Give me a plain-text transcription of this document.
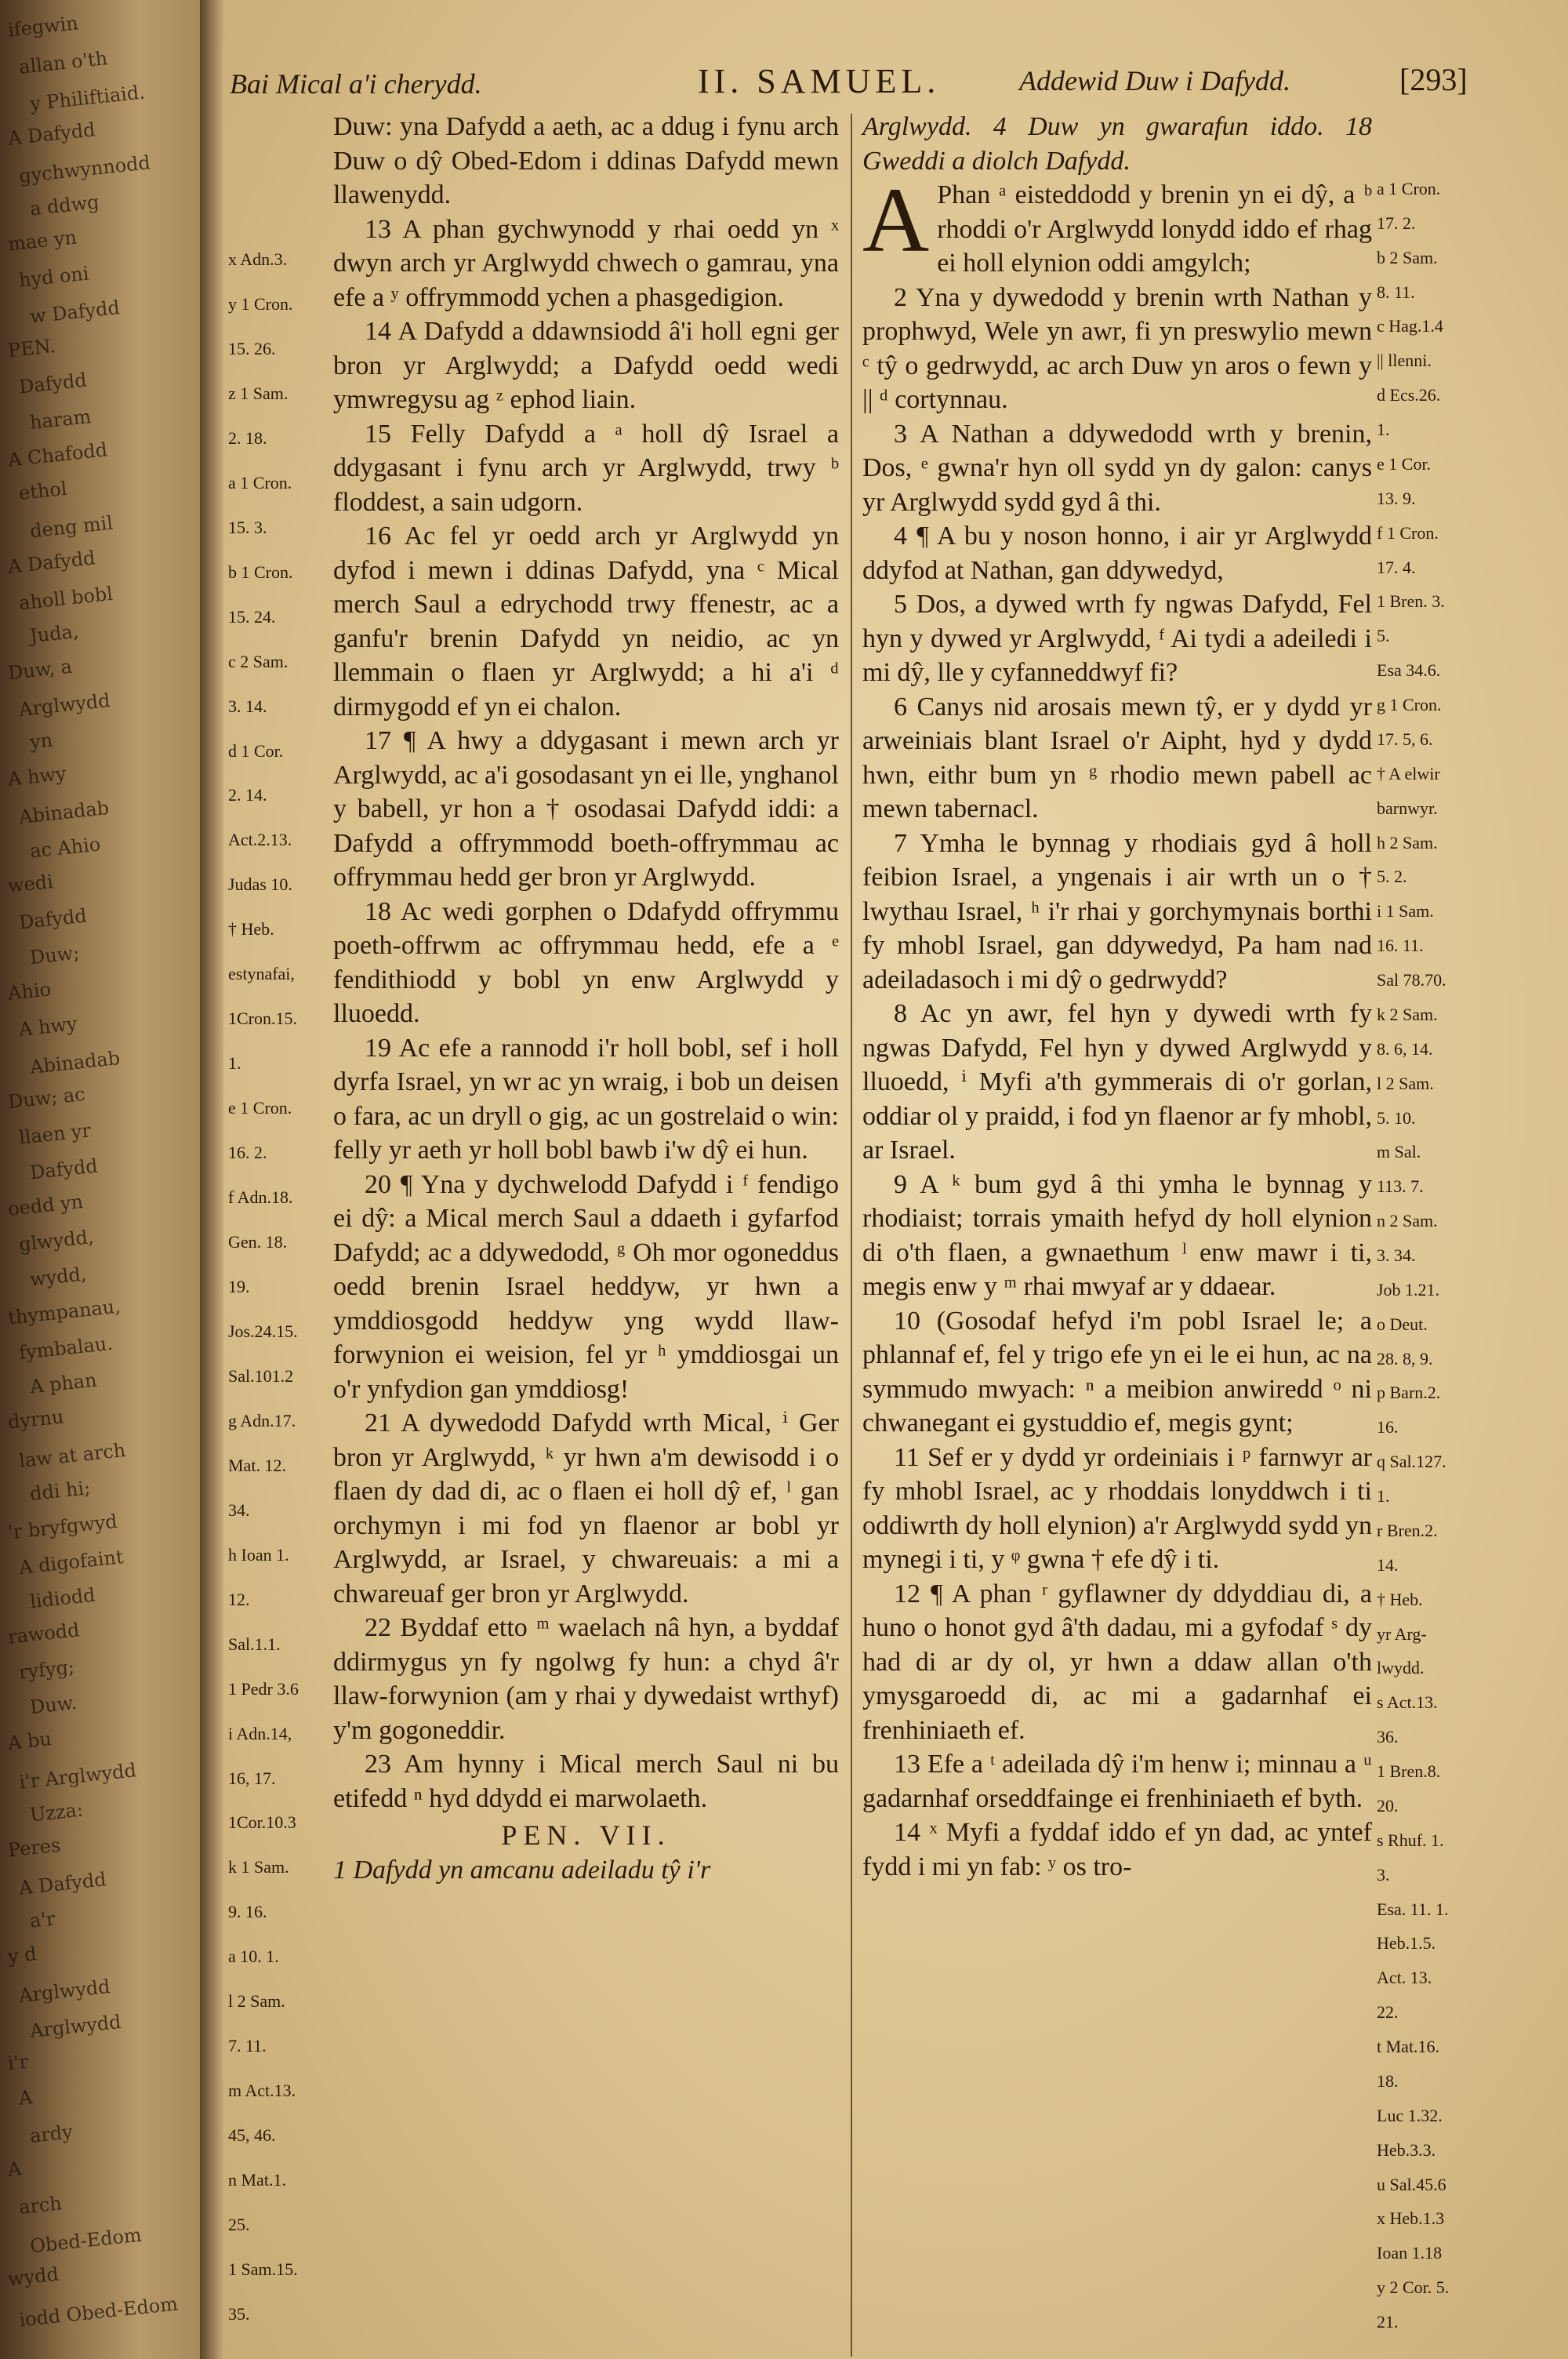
ifegwin
allan o'th
y Philiftiaid.
A Dafydd
gychwynnodd
a ddwg
mae yn
hyd oni
w Dafydd
PEN.
Dafydd
haram
A Chafodd
ethol
deng mil
A Dafydd
aholl bobl
Juda,
Duw, a
Arglwydd
yn
A hwy
Abinadab
ac Ahio
wedi
Dafydd
Duw;
Ahio
A hwy
Abinadab
Duw; ac
llaen yr
Dafydd
oedd yn
glwydd,
wydd,
thympanau,
fymbalau.
A phan
dyrnu
law at arch
ddi hi;
'r bryfgwyd
A digofaint
lidiodd
rawodd
ryfyg;
Duw.
A bu
i'r Arglwydd
Uzza:
Peres
A Dafydd
a'r
y d
Arglwydd
Arglwydd
i'r
A
ardy
A
arch
Obed-Edom
wydd
iodd Obed-Edom
Bai Mical a'i cherydd.	II. SAMUEL.	Addewid Duw i Dafydd.	[293]
x Adn.3.
y 1 Cron.
15. 26.
z 1 Sam.
2. 18.
a 1 Cron.
15. 3.
b 1 Cron.
15. 24.
c 2 Sam.
3. 14.
d 1 Cor.
2. 14.
Act.2.13.
Judas 10.
† Heb.
estynafai,
1Cron.15.
1.
e 1 Cron.
16. 2.
f Adn.18.
Gen. 18.
19.
Jos.24.15.
Sal.101.2
g Adn.17.
Mat. 12.
34.
h Ioan 1.
12.
Sal.1.1.
1 Pedr 3.6
i Adn.14,
16, 17.
1Cor.10.3
k 1 Sam.
9. 16.
a 10. 1.
l 2 Sam.
7. 11.
m Act.13.
45, 46.
n Mat.1.
25.
1 Sam.15.
35.
a 1 Cron.
17. 2.
b 2 Sam.
8. 11.
c Hag.1.4
|| llenni.
d Ecs.26.
1.
e 1 Cor.
13. 9.
f 1 Cron.
17. 4.
1 Bren. 3.
5.
Esa 34.6.
g 1 Cron.
17. 5, 6.
† A elwir
barnwyr.
h 2 Sam.
5. 2.
i 1 Sam.
16. 11.
Sal 78.70.
k 2 Sam.
8. 6, 14.
l 2 Sam.
5. 10.
m Sal.
113. 7.
n 2 Sam.
3. 34.
Job 1.21.
o Deut.
28. 8, 9.
p Barn.2.
16.
q Sal.127.
1.
r Bren.2.
14.
† Heb.
yr Arg-
lwydd.
s Act.13.
36.
1 Bren.8.
20.
s Rhuf. 1.
3.
Esa. 11. 1.
Heb.1.5.
Act. 13.
22.
t Mat.16.
18.
Luc 1.32.
Heb.3.3.
u Sal.45.6
x Heb.1.3
Ioan 1.18
y 2 Cor. 5.
21.

Duw: yna Dafydd a aeth, ac a ddug i fynu arch Duw o dŷ Obed-Edom i ddinas Dafydd mewn llawenydd.

13 A phan gychwynodd y rhai oedd yn ˣ dwyn arch yr Arglwydd chwech o gamrau, yna efe a ʸ offrymmodd ychen a phasgedigion.

14 A Dafydd a ddawnsiodd â'i holl egni ger bron yr Arglwydd; a Dafydd oedd wedi ymwregysu ag ᶻ ephod liain.

15 Felly Dafydd a ᵃ holl dŷ Israel a ddygasant i fynu arch yr Arglwydd, trwy ᵇ floddest, a sain udgorn.

16 Ac fel yr oedd arch yr Arglwydd yn dyfod i mewn i ddinas Dafydd, yna ᶜ Mical merch Saul a edrychodd trwy ffenestr, ac a ganfu'r brenin Dafydd yn neidio, ac yn llemmain o flaen yr Arglwydd; a hi a'i ᵈ dirmygodd ef yn ei chalon.

17 ¶ A hwy a ddygasant i mewn arch yr Arglwydd, ac a'i gosodasant yn ei lle, ynghanol y babell, yr hon a † osodasai Dafydd iddi: a Dafydd a offrymmodd boeth-offrymmau ac offrymmau hedd ger bron yr Arglwydd.

18 Ac wedi gorphen o Ddafydd offrymmu poeth-offrwm ac offrymmau hedd, efe a ᵉ fendithiodd y bobl yn enw Arglwydd y lluoedd.

19 Ac efe a rannodd i'r holl bobl, sef i holl dyrfa Israel, yn wr ac yn wraig, i bob un deisen o fara, ac un dryll o gig, ac un gostrelaid o win: felly yr aeth yr holl bobl bawb i'w dŷ ei hun.

20 ¶ Yna y dychwelodd Dafydd i ᶠ fendigo ei dŷ: a Mical merch Saul a ddaeth i gyfarfod Dafydd; ac a ddywedodd, ᵍ Oh mor ogoneddus oedd brenin Israel heddyw, yr hwn a ymddiosgodd heddyw yng wydd llaw-forwynion ei weision, fel yr ʰ ymddiosgai un o'r ynfydion gan ymddiosg!

21 A dywedodd Dafydd wrth Mical, ⁱ Ger bron yr Arglwydd, ᵏ yr hwn a'm dewisodd i o flaen dy dad di, ac o flaen ei holl dŷ ef, ˡ gan orchymyn i mi fod yn flaenor ar bobl yr Arglwydd, ar Israel, y chwareuais: a mi a chwareuaf ger bron yr Arglwydd.

22 Byddaf etto ᵐ waelach nâ hyn, a byddaf ddirmygus yn fy ngolwg fy hun: a chyd â'r llaw-forwynion (am y rhai y dywedaist wrthyf) y'm gogoneddir.

23 Am hynny i Mical merch Saul ni bu etifedd ⁿ hyd ddydd ei marwolaeth.

PEN. VII.

1 Dafydd yn amcanu adeiladu tŷ i'r

Arglwydd. 4 Duw yn gwarafun iddo. 18 Gweddi a diolch Dafydd.

A Phan ᵃ eisteddodd y brenin yn ei dŷ, a ᵇ rhoddi o'r Arglwydd lonydd iddo ef rhag ei holl elynion oddi amgylch;

2 Yna y dywedodd y brenin wrth Nathan y prophwyd, Wele yn awr, fi yn preswylio mewn ᶜ tŷ o gedrwydd, ac arch Duw yn aros o fewn y || ᵈ cortynnau.

3 A Nathan a ddywedodd wrth y brenin, Dos, ᵉ gwna'r hyn oll sydd yn dy galon: canys yr Arglwydd sydd gyd â thi.

4 ¶ A bu y noson honno, i air yr Arglwydd ddyfod at Nathan, gan ddywedyd,

5 Dos, a dywed wrth fy ngwas Dafydd, Fel hyn y dywed yr Arglwydd, ᶠ Ai tydi a adeiledi i mi dŷ, lle y cyfanneddwyf fi?

6 Canys nid arosais mewn tŷ, er y dydd yr arweiniais blant Israel o'r Aipht, hyd y dydd hwn, eithr bum yn ᵍ rhodio mewn pabell ac mewn tabernacl.

7 Ymha le bynnag y rhodiais gyd â holl feibion Israel, a yngenais i air wrth un o † lwythau Israel, ʰ i'r rhai y gorchymynais borthi fy mhobl Israel, gan ddywedyd, Pa ham nad adeiladasoch i mi dŷ o gedrwydd?

8 Ac yn awr, fel hyn y dywedi wrth fy ngwas Dafydd, Fel hyn y dywed Arglwydd y lluoedd, ⁱ Myfi a'th gymmerais di o'r gorlan, oddiar ol y praidd, i fod yn flaenor ar fy mhobl, ar Israel.

9 A ᵏ bum gyd â thi ymha le bynnag y rhodiaist; torrais ymaith hefyd dy holl elynion di o'th flaen, a gwnaethum ˡ enw mawr i ti, megis enw y ᵐ rhai mwyaf ar y ddaear.

10 (Gosodaf hefyd i'm pobl Israel le; a phlannaf ef, fel y trigo efe yn ei le ei hun, ac na symmudo mwyach: ⁿ a meibion anwiredd ᵒ ni chwanegant ei gystuddio ef, megis gynt;

11 Sef er y dydd yr ordeiniais i ᵖ farnwyr ar fy mhobl Israel, ac y rhoddais lonyddwch i ti oddiwrth dy holl elynion) a'r Arglwydd sydd yn mynegi i ti, y ᵠ gwna † efe dŷ i ti.

12 ¶ A phan ʳ gyflawner dy ddyddiau di, a huno o honot gyd â'th dadau, mi a gyfodaf ˢ dy had di ar dy ol, yr hwn a ddaw allan o'th ymysgaroedd di, ac mi a gadarnhaf ei frenhiniaeth ef.

13 Efe a ᵗ adeilada dŷ i'm henw i; minnau a ᵘ gadarnhaf orseddfainge ei frenhiniaeth ef byth.

14 ˣ Myfi a fyddaf iddo ef yn dad, ac yntef fydd i mi yn fab: ʸ os tro-
